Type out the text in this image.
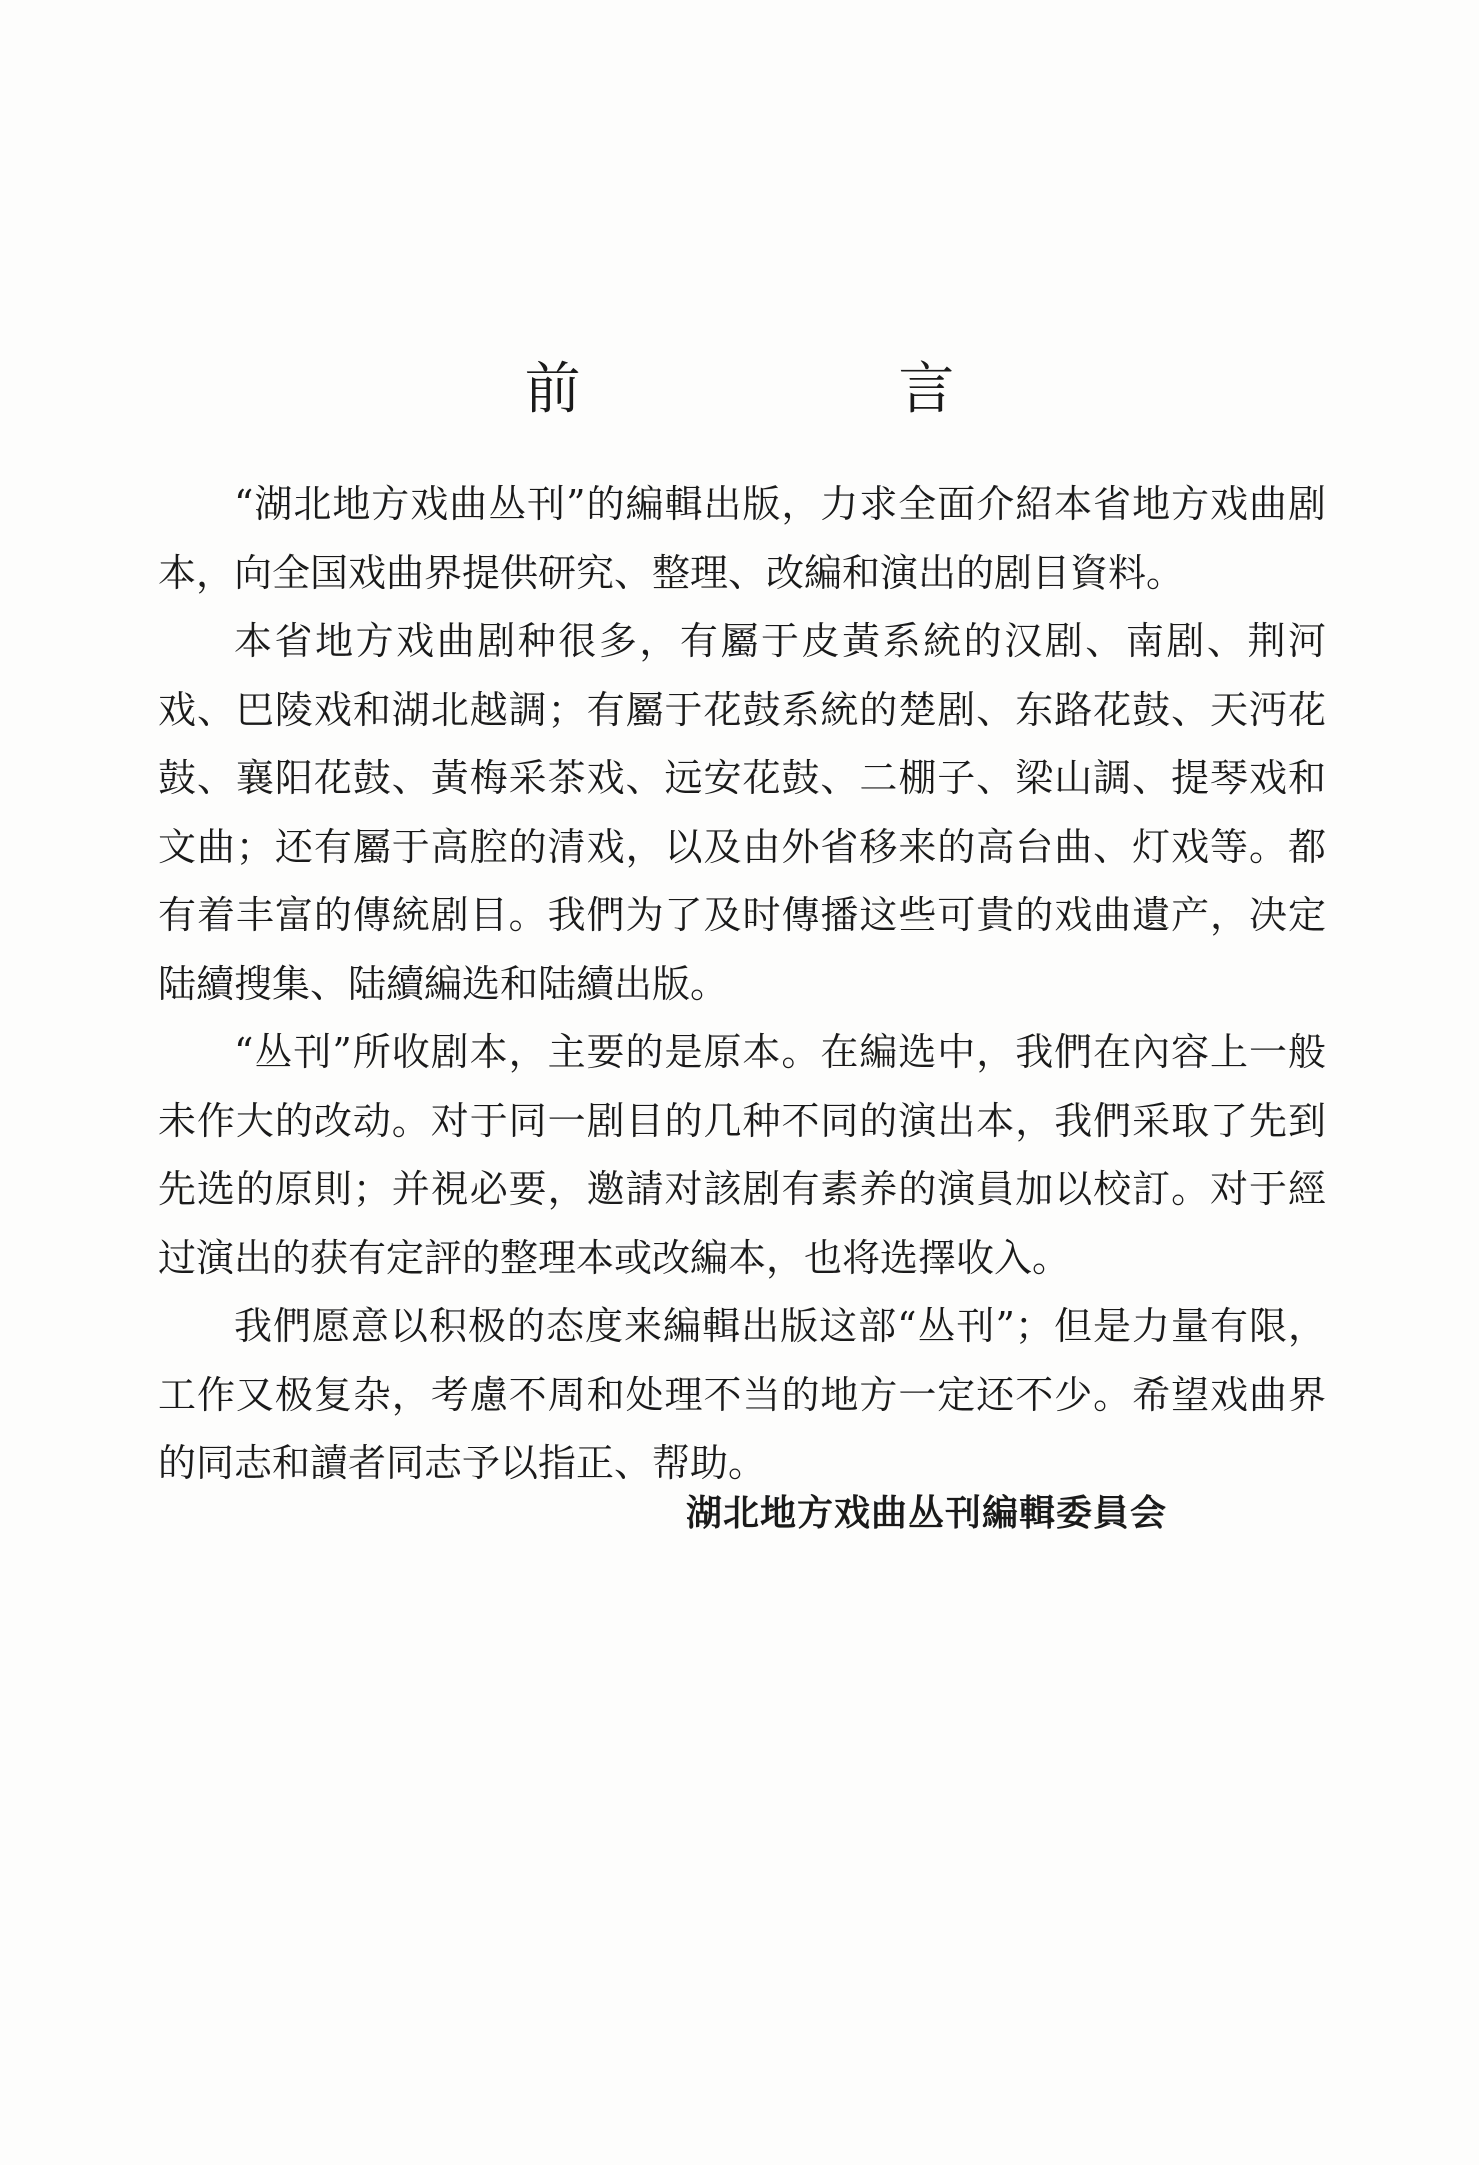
前 言

“湖北地方戏曲丛刊”的編輯出版，力求全面介紹本省地方戏曲剧本，向全国戏曲界提供研究、整理、改編和演出的剧目資料。

本省地方戏曲剧种很多，有屬于皮黃系統的汉剧、南剧、荆河戏、巴陵戏和湖北越調；有屬于花鼓系統的楚剧、东路花鼓、天沔花鼓、襄阳花鼓、黃梅采茶戏、远安花鼓、二棚子、梁山調、提琴戏和文曲；还有屬于高腔的清戏，以及由外省移来的高台曲、灯戏等。都有着丰富的傳統剧目。我們为了及时傳播这些可貴的戏曲遺产，决定陆續搜集、陆續編选和陆續出版。

“丛刊”所收剧本，主要的是原本。在編选中，我們在內容上一般未作大的改动。对于同一剧目的几种不同的演出本，我們采取了先到先选的原則；并視必要，邀請对該剧有素养的演員加以校訂。对于經过演出的获有定評的整理本或改編本，也将选擇收入。

我們愿意以积极的态度来編輯出版这部“丛刊”；但是力量有限，工作又极复杂，考慮不周和处理不当的地方一定还不少。希望戏曲界的同志和讀者同志予以指正、帮助。

湖北地方戏曲丛刊編輯委員会
